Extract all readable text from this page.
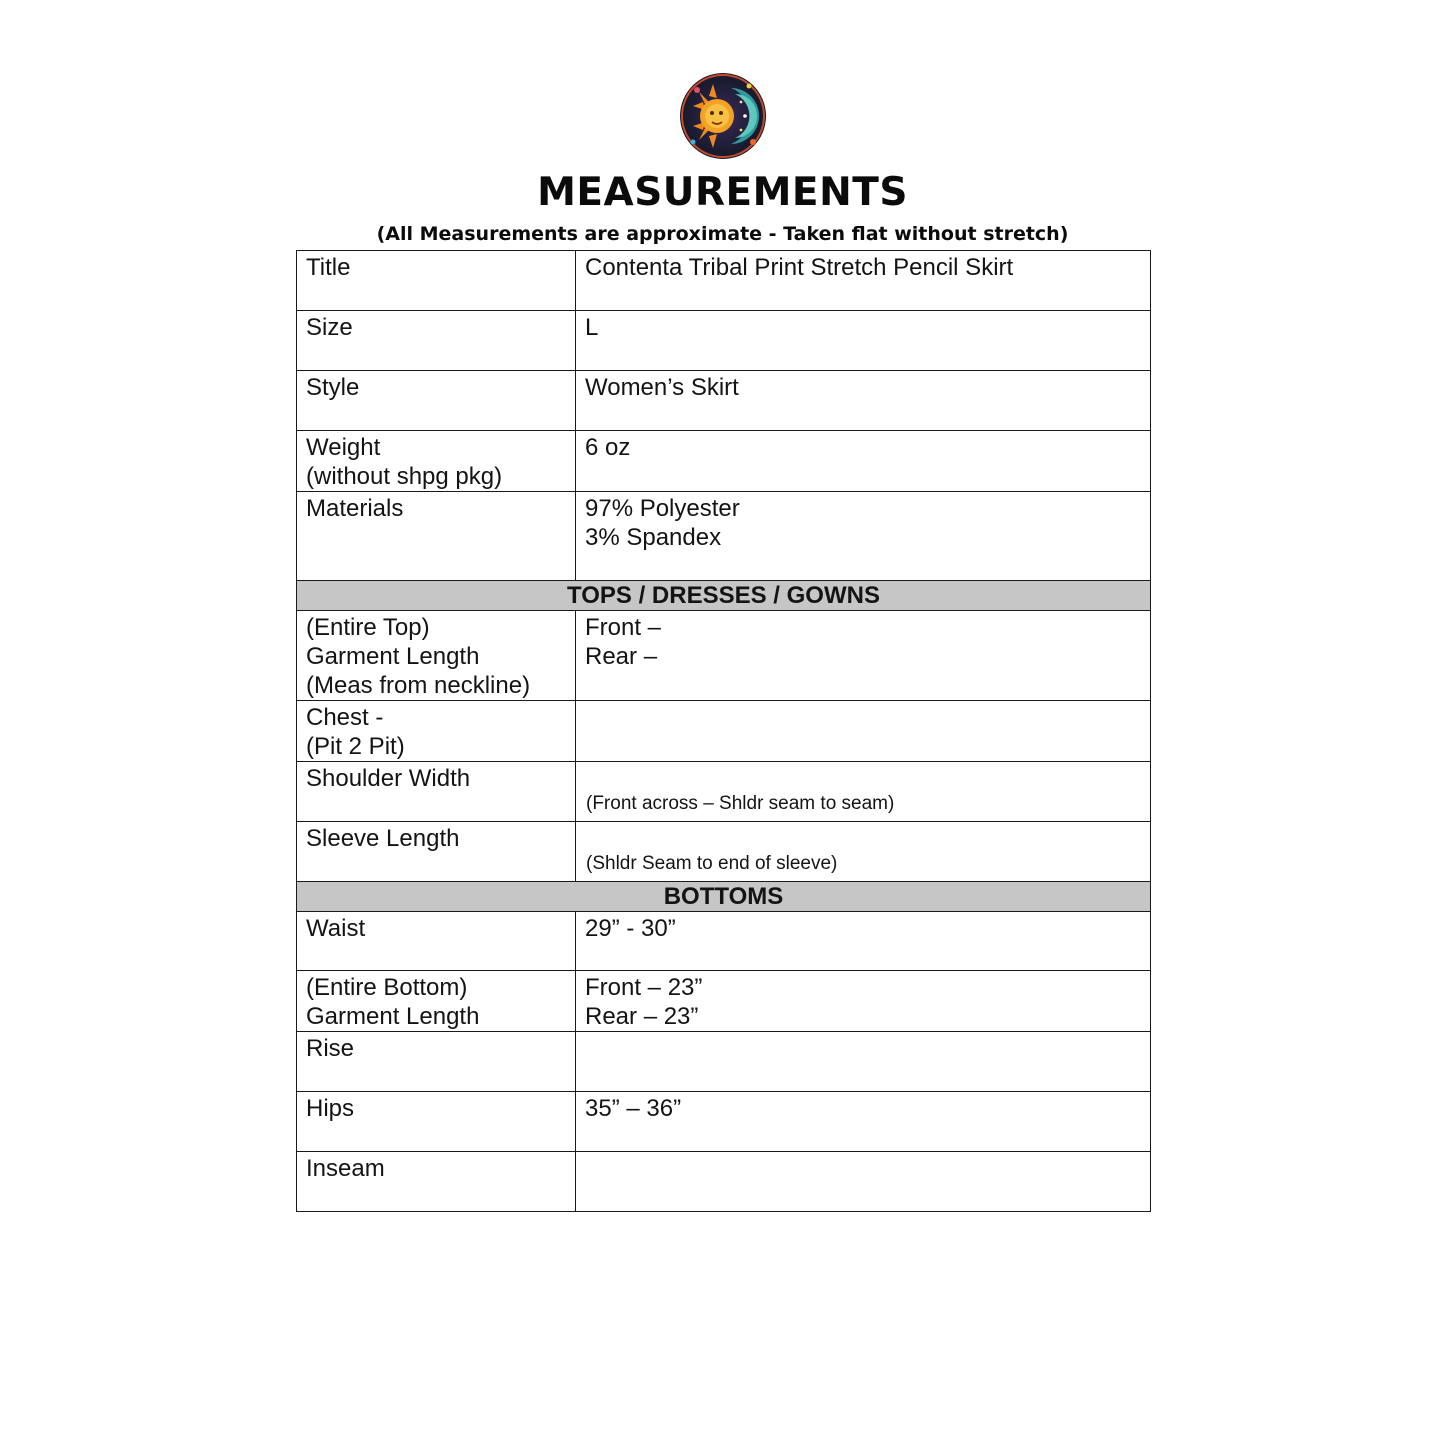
MEASUREMENTS
(All Measurements are approximate - Taken flat without stretch)
Title	Contenta Tribal Print Stretch Pencil Skirt

Size	L

Style	Women’s Skirt

Weight
(without shpg pkg)	6 oz

Materials	97% Polyester
3% Spandex

TOPS / DRESSES / GOWNS	

(Entire Top)
Garment Length
(Meas from neckline)	Front –
Rear –

Chest -
(Pit 2 Pit)	

Shoulder Width	(Front across – Shldr seam to seam)

Sleeve Length	(Shldr Seam to end of sleeve)

BOTTOMS	

Waist	29” - 30”

(Entire Bottom)
Garment Length	Front – 23”
Rear – 23”

Rise	

Hips	35” – 36”

Inseam	
